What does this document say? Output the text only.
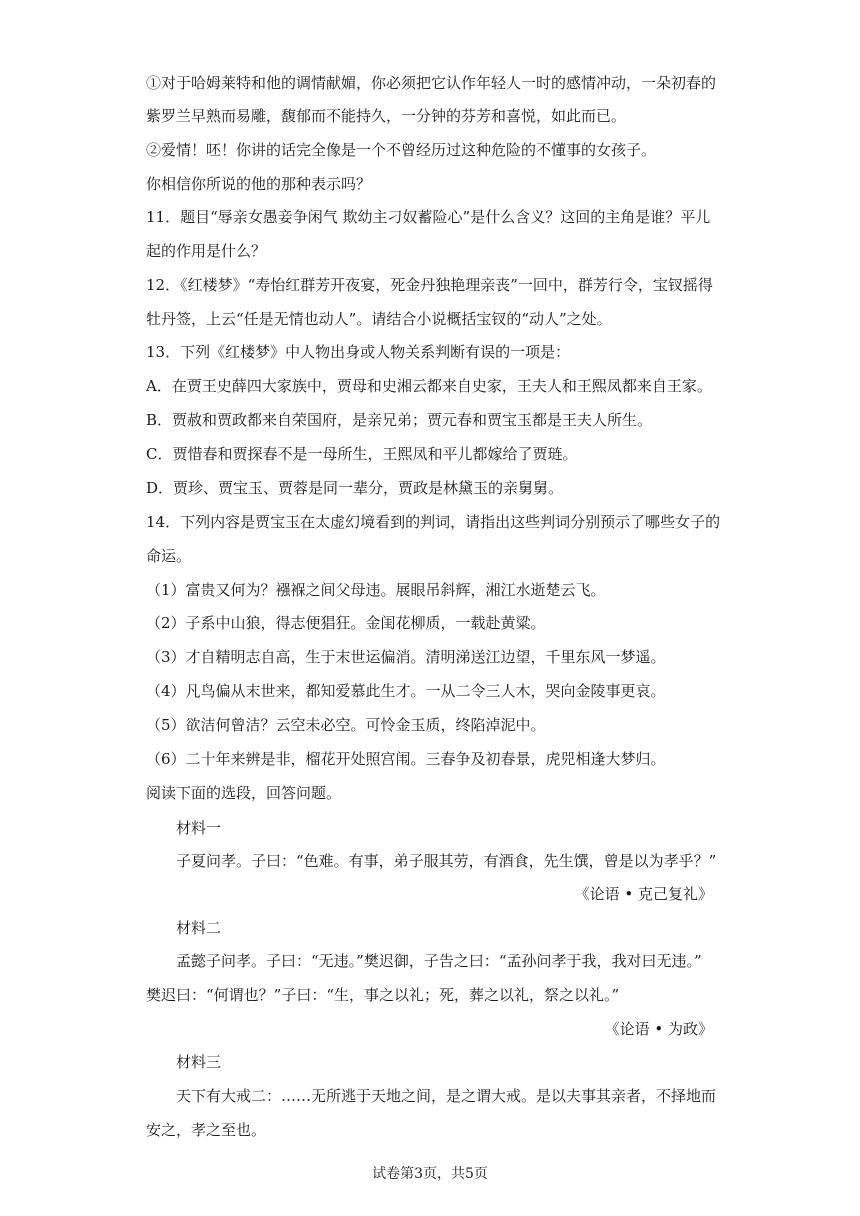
①对于哈姆莱特和他的调情献媚，你必须把它认作年轻人一时的感情冲动，一朵初春的
紫罗兰早熟而易雕，馥郁而不能持久，一分钟的芬芳和喜悦，如此而已。
②爱情！呸！你讲的话完全像是一个不曾经历过这种危险的不懂事的女孩子。
你相信你所说的他的那种表示吗？
11．题目“辱亲女愚妾争闲气 欺幼主刁奴蓄险心”是什么含义？这回的主角是谁？平儿
起的作用是什么？
12．《红楼梦》“寿怡红群芳开夜宴，死金丹独艳理亲丧”一回中，群芳行令，宝钗摇得
牡丹签，上云“任是无情也动人”。请结合小说概括宝钗的“动人”之处。
13．下列《红楼梦》中人物出身或人物关系判断有误的一项是：
A．在贾王史薛四大家族中，贾母和史湘云都来自史家，王夫人和王熙凤都来自王家。
B．贾赦和贾政都来自荣国府，是亲兄弟；贾元春和贾宝玉都是王夫人所生。
C．贾惜春和贾探春不是一母所生，王熙凤和平儿都嫁给了贾琏。
D．贾珍、贾宝玉、贾蓉是同一辈分，贾政是林黛玉的亲舅舅。
14．下列内容是贾宝玉在太虚幻境看到的判词，请指出这些判词分别预示了哪些女子的
命运。
（1）富贵又何为？襁褓之间父母违。展眼吊斜辉，湘江水逝楚云飞。
（2）子系中山狼，得志便猖狂。金闺花柳质，一载赴黄粱。
（3）才自精明志自高，生于末世运偏消。清明涕送江边望，千里东风一梦遥。
（4）凡鸟偏从末世来，都知爱慕此生才。一从二令三人木，哭向金陵事更哀。
（5）欲洁何曾洁？云空未必空。可怜金玉质，终陷淖泥中。
（6）二十年来辨是非，榴花开处照宫闱。三春争及初春景，虎兕相逢大梦归。
阅读下面的选段，回答问题。
材料一
子夏问孝。子曰：“色难。有事，弟子服其劳，有酒食，先生馔，曾是以为孝乎？”
《论语 • 克己复礼》
材料二
孟懿子问孝。子曰：“无违。”樊迟御，子告之曰：“孟孙问孝于我，我对曰无违。”
樊迟曰：“何谓也？”子曰：“生，事之以礼；死，葬之以礼，祭之以礼。”
《论语 • 为政》
材料三
天下有大戒二：……无所逃于天地之间，是之谓大戒。是以夫事其亲者，不择地而
安之，孝之至也。
试卷第3页，共5页
